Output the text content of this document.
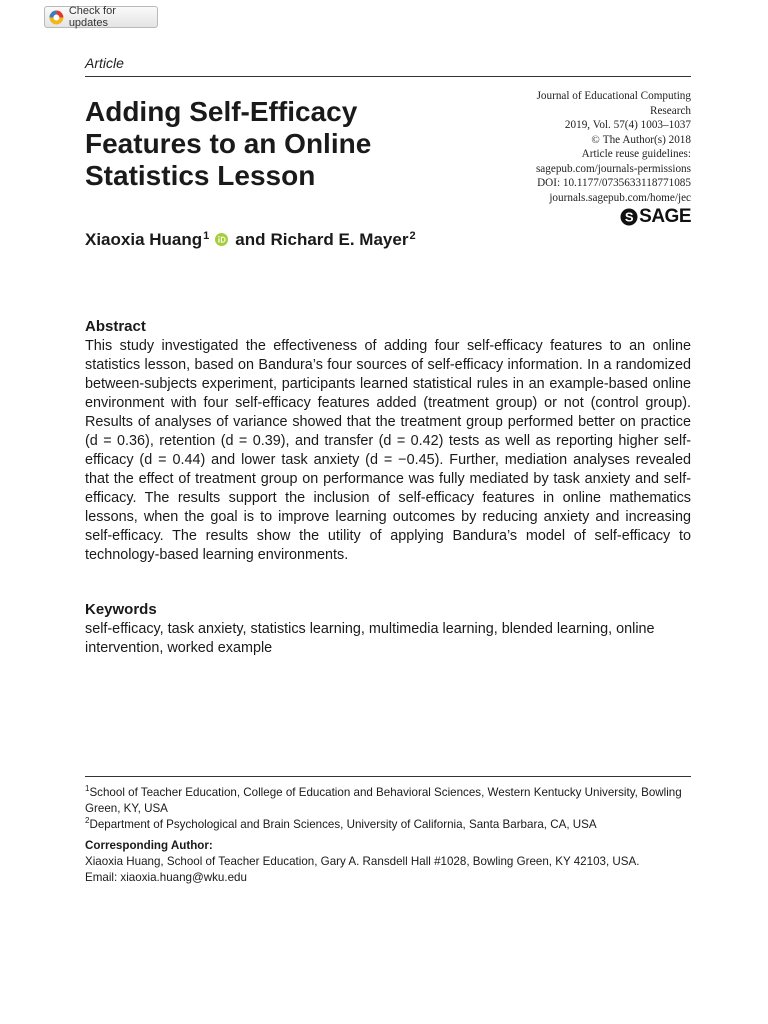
Check for updates
Article
Adding Self-Efficacy Features to an Online Statistics Lesson
Journal of Educational Computing Research
2019, Vol. 57(4) 1003–1037
© The Author(s) 2018
Article reuse guidelines:
sagepub.com/journals-permissions
DOI: 10.1177/0735633118771085
journals.sagepub.com/home/jec
S SAGE
Xiaoxia Huang$^1$ and Richard E. Mayer$^2$
Abstract

This study investigated the effectiveness of adding four self-efficacy features to an online statistics lesson, based on Bandura’s four sources of self-efficacy information. In a randomized between-subjects experiment, participants learned statistical rules in an example-based online environment with four self-efficacy features added (treatment group) or not (control group). Results of analyses of variance showed that the treatment group performed better on practice (d = 0.36), retention (d = 0.39), and transfer (d = 0.42) tests as well as reporting higher self-efficacy (d = 0.44) and lower task anxiety (d = −0.45). Further, mediation analyses revealed that the effect of treatment group on performance was fully mediated by task anxiety and self-efficacy. The results support the inclusion of self-efficacy features in online mathematics lessons, when the goal is to improve learning outcomes by reducing anxiety and increasing self-efficacy. The results show the utility of applying Bandura’s model of self-efficacy to technology-based learning environments.

Keywords

self-efficacy, task anxiety, statistics learning, multimedia learning, blended learning, online intervention, worked example

$^1$School of Teacher Education, College of Education and Behavioral Sciences, Western Kentucky University, Bowling Green, KY, USA

$^2$Department of Psychological and Brain Sciences, University of California, Santa Barbara, CA, USA

Corresponding Author:

Xiaoxia Huang, School of Teacher Education, Gary A. Ransdell Hall #1028, Bowling Green, KY 42103, USA.

Email: xiaoxia.huang@wku.edu
